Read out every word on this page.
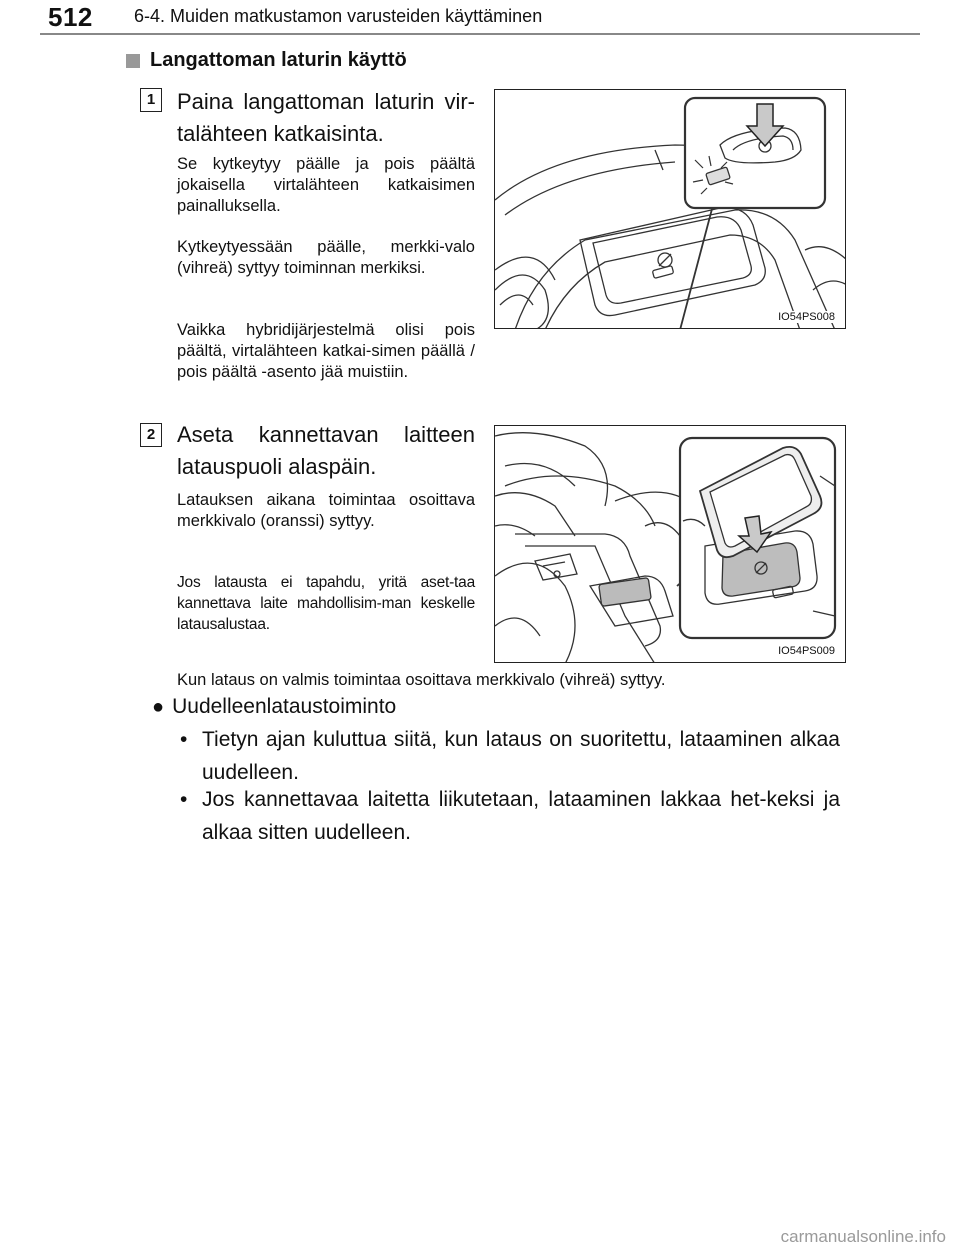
512 6-4. Muiden matkustamon varusteiden käyttäminen
Langattoman laturin käyttö
1 Paina langattoman laturin vir-talähteen katkaisinta.
Se kytkeytyy päälle ja pois päältä jokaisella virtalähteen katkaisimen painalluksella.
Kytkeytyessään päälle, merkki-valo (vihreä) syttyy toiminnan merkiksi.
Vaikka hybridijärjestelmä olisi pois päältä, virtalähteen katkai-simen päällä / pois päältä -asento jää muistiin.
IO54PS008
2 Aseta kannettavan laitteen latauspuoli alaspäin.
Latauksen aikana toimintaa osoittava merkkivalo (oranssi) syttyy.
Jos latausta ei tapahdu, yritä aset-taa kannettava laite mahdollisim-man keskelle latausalustaa.
IO54PS009
Kun lataus on valmis toimintaa osoittava merkkivalo (vihreä) syttyy.
● Uudelleenlataustoiminto
• Tietyn ajan kuluttua siitä, kun lataus on suoritettu, lataaminen alkaa uudelleen.
• Jos kannettavaa laitetta liikutetaan, lataaminen lakkaa het-keksi ja alkaa sitten uudelleen.
carmanualsonline.info
